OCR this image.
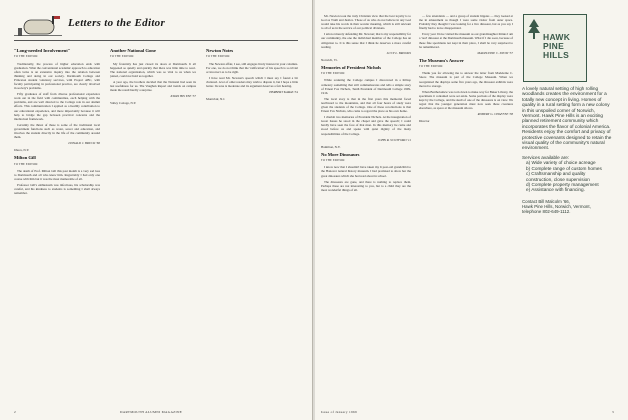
Letters to the Editor
"Long-needed Involvement"
TO THE EDITOR:

Traditionally, the process of higher education ends with graduation. What the conventional academic approach to education often lacks is an extensive inquiry into the relation between thinking and doing in our society. Dartmouth College and Princeton student voluntary services, with Project ABC, with faculty participating in professional practice, are clearly involved in society's problems.

Fifty graduates of staff from diverse professional experience work out in the field with communities, each helping with the problems, and are well directed to the College role in our alumni efforts. This communication I applied as a healthy contribution to our educational experience, and more importantly because it will help to bridge the gap between practical concerns and the intellectual framework.

Certainly the thrust of these is some of the traditional local government functions such as water, sewer and education, and involves the student directly in the life of the community around them.

DONALD J. BRUCK '66
Ithaca, N.Y.
Milton Gill
TO THE EDITOR:

The death of Prof. Milton Gill this past month is a very sad loss to Dartmouth and all who knew him. Regrettably I had only one course with him but it was the most memorable of all.

Professor Gill's enthusiasm was infectious, his scholarship was careful, and his kindness to students is something I shall always remember.

Another National Gone
TO THE EDITOR:

My fraternity has just closed its doors at Dartmouth. It all happened so quietly and quickly that there was little time to react. The national organization, which was so vital to us when we joined, could not hold us together.

A year ago, the brothers decided that the National had seen its last usefulness for us. The Vaughan Report and trends on campus made the result hardly a surprise.

KWAN HIS YEE '57
Valley Cottage, N.Y.
Newton Notes
TO THE EDITOR:

The Newton affair, I see, still engages lively interest in your columns. For one, we do not think that the 'ratification' of his speech is so trivial or incorrect as to be right.

I have read Mr. Newton's speech which I must say I found a bit cluttered. A lot of other readers may wish to dispute it, but I hope a little better. Its tone is moderate and its argument deserves a fair hearing.

HERBERT KARAS '34
Montclair, N.J.
2	DARTMOUTH ALUMNI MAGAZINE

Mr. Newton took the truly Christian view that the best loyalty is to God as Truth and Justice. Those of us who do not believe in any God would take his words in their secular meaning, which is still relevant to all of us in the service of our political divisions.

I am not merely defending Mr. Newton; that is my responsibility for our community, the one the individual member of the College has an obligation to. It is this sense that I think he deserves a more careful reading.

LUCY L. BROOKS
Norwich, Vt.
Memories of President Nichols
TO THE EDITOR:

While scanning the College campus I discovered in a hilltop cemetery something that still commemorates and tells a simple story of Ernest Fox Nichols, Tenth President of Dartmouth College 1909-1916.

The local story is that in the first years this memorial faced northward to the mountains, and that all four hours of study were given the students of the College. One of these recollections is that Ernest Fox Nichols, who came to regard the place as his own home.

I cherish two memories of President Nichols. At the inauguration of Great Issues he stood in the chapel and gave the speech; I could hardly have seen the face of that man. In this memory he came and stood before us and spoke with quiet dignity of the many responsibilities of the College.

JOHN R. SCOTFORD '11
Hamilton, N.Y.
No More Dinosaurs
TO THE EDITOR:

I know now that I shouldn't have taken my 9-year-old grandchild to the Hanover natural history museum. I had promised to show her the great dinosaurs which she had read about in school.

The dinosaurs are gone, and there is nothing to replace them. Perhaps these are not interesting to you, but to a child they are the most wonderful things of all.

— few attendants — and a group of student hippies — they looked at me in amazement as though I were some visitor from outer space. Probably they thought I was looking for a live dinosaur, but as you say I finally had to leave disappointed.

Every year I have visited the museum as our granddaughter thinks I am a 'real' dinosaur at the Dartmouth museum. What if I die soon, because of these fine specimens not kept in their place, I shall be very surprised to be remembered.

MADELEINE C. SNOW '57
The Museum's Answer
TO THE EDITOR:

Thank you for allowing me to answer the letter from Madeleine C. Snow. The museum is part of the College Museum. When we reorganized the displays some five years ago, the dinosaur exhibits were moved to storage.

When Bartholomew was torn down to make way for Baker Library, the specimens it contained were set aside. Some portions of the display were kept by the College, and the skull of one of the dinosaurs is on view. We regret that the younger generation must now seek these creatures elsewhere, as space at the museum allows.

ROBERT G. CHAFFEE '38
Director
Issue of January 1969	3
HAWK
PINE
HILLS

A lovely natural setting of high rolling woodlands creates the environment for a totally new concept in living. Homes of quality in a rural setting form a new colony in this unspoiled corner of Norwich, Vermont. Hawk Pine Hills is an exciting planned retirement community which incorporates the flavor of colonial America. Residents enjoy the comfort and privacy of protective covenants designed to retain the visual quality of the community's natural environment.

Services available are:
a) Wide variety of choice acreage
b) Complete range of custom homes
c) Craftsmanship and quality construction, close supervision
d) Complete property management
e) Assistance with financing.
Contact Bill Malcolm '66,
Hawk Pine Hills, Norwich, Vermont,
telephone 802-649-1112.
